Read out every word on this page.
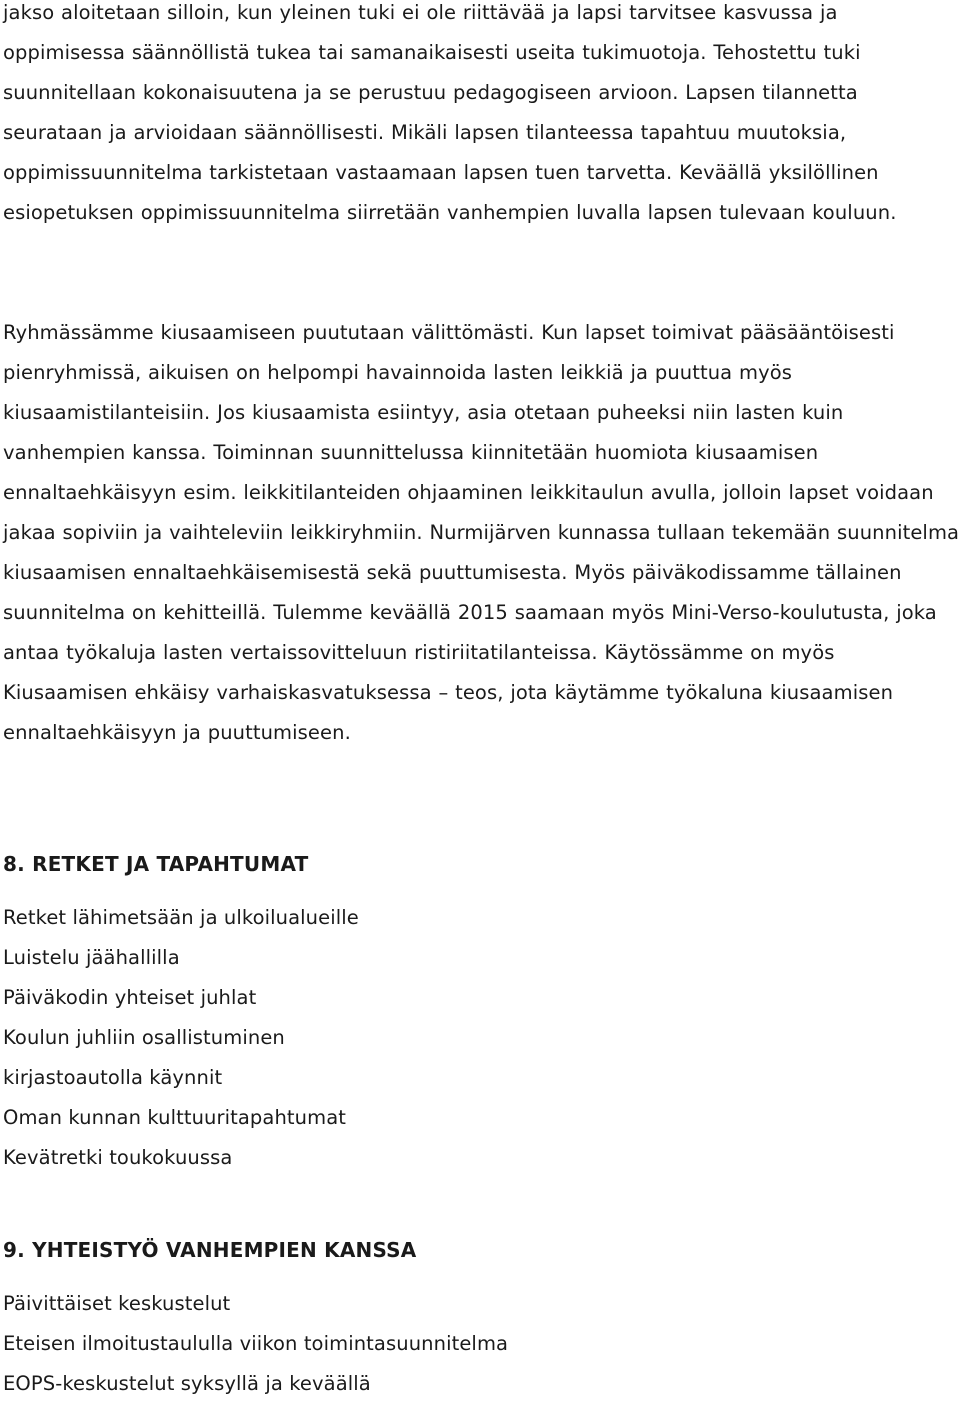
jakso aloitetaan silloin, kun yleinen tuki ei ole riittävää ja lapsi tarvitsee kasvussa ja oppimisessa säännöllistä tukea tai samanaikaisesti useita tukimuotoja. Tehostettu tuki suunnitellaan kokonaisuutena ja se perustuu pedagogiseen arvioon. Lapsen tilannetta seurataan ja arvioidaan säännöllisesti. Mikäli lapsen tilanteessa tapahtuu muutoksia, oppimissuunnitelma tarkistetaan vastaamaan lapsen tuen tarvetta. Keväällä yksilöllinen esiopetuksen oppimissuunnitelma siirretään vanhempien luvalla lapsen tulevaan kouluun.

Ryhmässämme kiusaamiseen puututaan välittömästi. Kun lapset toimivat pääsääntöisesti pienryhmissä, aikuisen on helpompi havainnoida lasten leikkiä ja puuttua myös kiusaamistilanteisiin. Jos kiusaamista esiintyy, asia otetaan puheeksi niin lasten kuin vanhempien kanssa. Toiminnan suunnittelussa kiinnitetään huomiota kiusaamisen ennaltaehkäisyyn esim. leikkitilanteiden ohjaaminen leikkitaulun avulla, jolloin lapset voidaan jakaa sopiviin ja vaihteleviin leikkiryhmiin. Nurmijärven kunnassa tullaan tekemään suunnitelma kiusaamisen ennaltaehkäisemisestä sekä puuttumisesta. Myös päiväkodissamme tällainen suunnitelma on kehitteillä. Tulemme keväällä 2015 saamaan myös Mini-Verso-koulutusta, joka antaa työkaluja lasten vertaissovitteluun ristiriitatilanteissa. Käytössämme on myös Kiusaamisen ehkäisy varhaiskasvatuksessa – teos, jota käytämme työkaluna kiusaamisen ennaltaehkäisyyn ja puuttumiseen.

8. RETKET JA TAPAHTUMAT
Retket lähimetsään ja ulkoilualueille
Luistelu jäähallilla
Päiväkodin yhteiset juhlat
Koulun juhliin osallistuminen
kirjastoautolla käynnit
Oman kunnan kulttuuritapahtumat
Kevätretki toukokuussa
9. YHTEISTYÖ VANHEMPIEN KANSSA
Päivittäiset keskustelut
Eteisen ilmoitustaululla viikon toimintasuunnitelma
EOPS-keskustelut syksyllä ja keväällä
